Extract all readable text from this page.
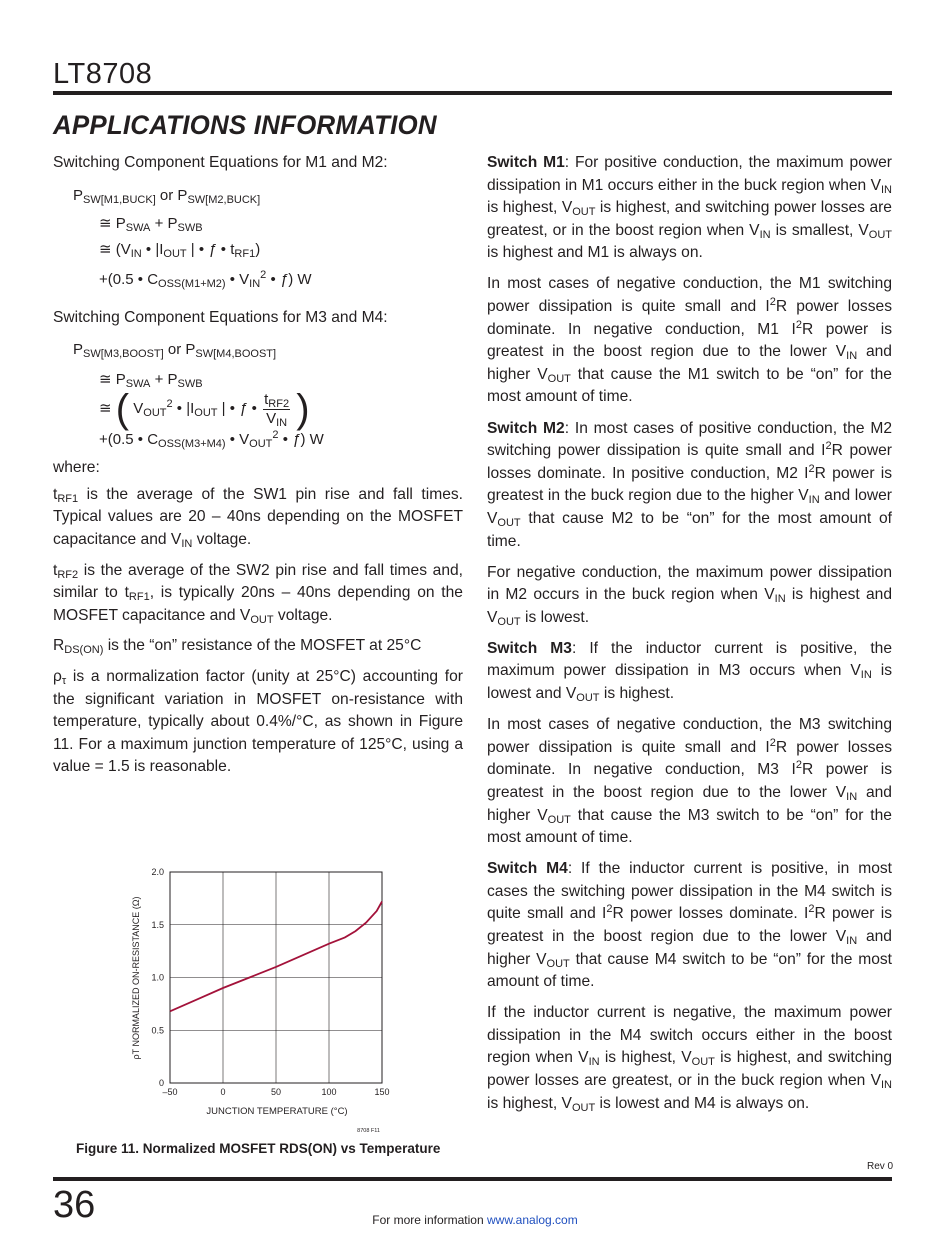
LT8708
APPLICATIONS INFORMATION

Switching Component Equations for M1 and M2:

$P_{SW[M1,BUCK]}$ or $P_{SW[M2,BUCK]}$
≅ $P_{SWA} + P_{SWB}$
≅ ($V_{IN}$ • $|I_{OUT}$ | • ƒ • $t_{RF1}$)
+(0.5 • $C_{OSS(M1+M2)}$ • $V_{IN}^2$ • ƒ) W

Switching Component Equations for M3 and M4:

$P_{SW[M3,BOOST]}$ or $P_{SW[M4,BOOST]}$
≅ $P_{SWA} + P_{SWB}$
≅ ( $V_{OUT}^2$ • $|I_{OUT}$ | • ƒ • $\frac{t_{RF2}}{V_{IN}}$ )
+(0.5 • $C_{OSS(M3+M4)}$ • $V_{OUT}^2$ • ƒ) W

where:

$t_{RF1}$ is the average of the SW1 pin rise and fall times. Typical values are 20 – 40ns depending on the MOSFET capacitance and $V_{IN}$ voltage.

$t_{RF2}$ is the average of the SW2 pin rise and fall times and, similar to $t_{RF1}$, is typically 20ns – 40ns depending on the MOSFET capacitance and $V_{OUT}$ voltage.

$R_{DS(ON)}$ is the “on” resistance of the MOSFET at 25°C

$\rho_\tau$ is a normalization factor (unity at 25°C) accounting for the significant variation in MOSFET on-resistance with temperature, typically about 0.4%/°C, as shown in Figure 11. For a maximum junction temperature of 125°C, using a value = 1.5 is reasonable.

–50	0	50	100	150
0
0.5
1.0
1.5
2.0
JUNCTION TEMPERATURE (°C)
ρT NORMALIZED ON-RESISTANCE (Ω)
8708 F11
Figure 11. Normalized MOSFET RDS(ON) vs Temperature

Switch M1: For positive conduction, the maximum power dissipation in M1 occurs either in the buck region when $V_{IN}$ is highest, $V_{OUT}$ is highest, and switching power losses are greatest, or in the boost region when $V_{IN}$ is smallest, $V_{OUT}$ is highest and M1 is always on.

In most cases of negative conduction, the M1 switching power dissipation is quite small and $I^2R$ power losses dominate. In negative conduction, M1 $I^2R$ power is greatest in the boost region due to the lower $V_{IN}$ and higher $V_{OUT}$ that cause the M1 switch to be “on” for the most amount of time.

Switch M2: In most cases of positive conduction, the M2 switching power dissipation is quite small and $I^2R$ power losses dominate. In positive conduction, M2 $I^2R$ power is greatest in the buck region due to the higher $V_{IN}$ and lower $V_{OUT}$ that cause M2 to be “on” for the most amount of time.

For negative conduction, the maximum power dissipation in M2 occurs in the buck region when $V_{IN}$ is highest and $V_{OUT}$ is lowest.

Switch M3: If the inductor current is positive, the maximum power dissipation in M3 occurs when $V_{IN}$ is lowest and $V_{OUT}$ is highest.

In most cases of negative conduction, the M3 switching power dissipation is quite small and $I^2R$ power losses dominate. In negative conduction, M3 $I^2R$ power is greatest in the boost region due to the lower $V_{IN}$ and higher $V_{OUT}$ that cause the M3 switch to be “on” for the most amount of time.

Switch M4: If the inductor current is positive, in most cases the switching power dissipation in the M4 switch is quite small and $I^2R$ power losses dominate. $I^2R$ power is greatest in the boost region due to the lower $V_{IN}$ and higher $V_{OUT}$ that cause M4 switch to be “on” for the most amount of time.

If the inductor current is negative, the maximum power dissipation in the M4 switch occurs either in the boost region when $V_{IN}$ is highest, $V_{OUT}$ is highest, and switching power losses are greatest, or in the buck region when $V_{IN}$ is highest, $V_{OUT}$ is lowest and M4 is always on.

Rev 0
36	For more information www.analog.com
